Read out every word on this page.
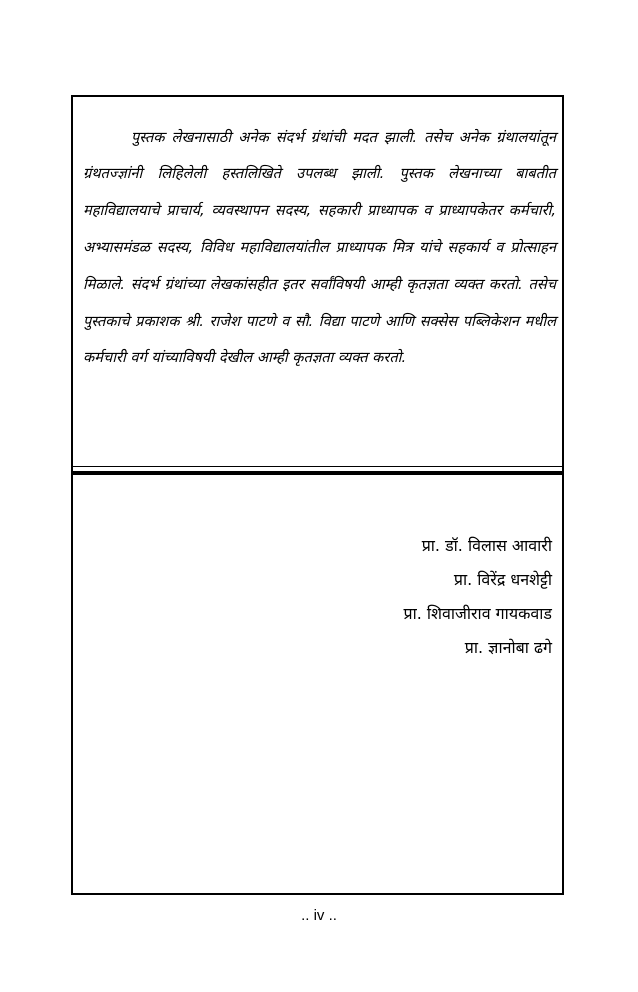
पुस्तक लेखनासाठी अनेक संदर्भ ग्रंथांची मदत झाली. तसेच अनेक ग्रंथालयांतून ग्रंथतज्ज्ञांनी लिहिलेली हस्तलिखिते उपलब्ध झाली. पुस्तक लेखनाच्या बाबतीत महाविद्यालयाचे प्राचार्य, व्यवस्थापन सदस्य, सहकारी प्राध्यापक व प्राध्यापकेतर कर्मचारी, अभ्यासमंडळ सदस्य, विविध महाविद्यालयांतील प्राध्यापक मित्र यांचे सहकार्य व प्रोत्साहन मिळाले. संदर्भ ग्रंथांच्या लेखकांसहीत इतर सर्वांविषयी आम्ही कृतज्ञता व्यक्त करतो. तसेच पुस्तकाचे प्रकाशक श्री. राजेश पाटणे व सौ. विद्या पाटणे आणि सक्सेस पब्लिकेशन मधील कर्मचारी वर्ग यांच्याविषयी देखील आम्ही कृतज्ञता व्यक्त करतो.

प्रा. डॉ. विलास आवारी
प्रा. विरेंद्र धनशेट्टी
प्रा. शिवाजीराव गायकवाड
प्रा. ज्ञानोबा ढगे
.. iv ..
